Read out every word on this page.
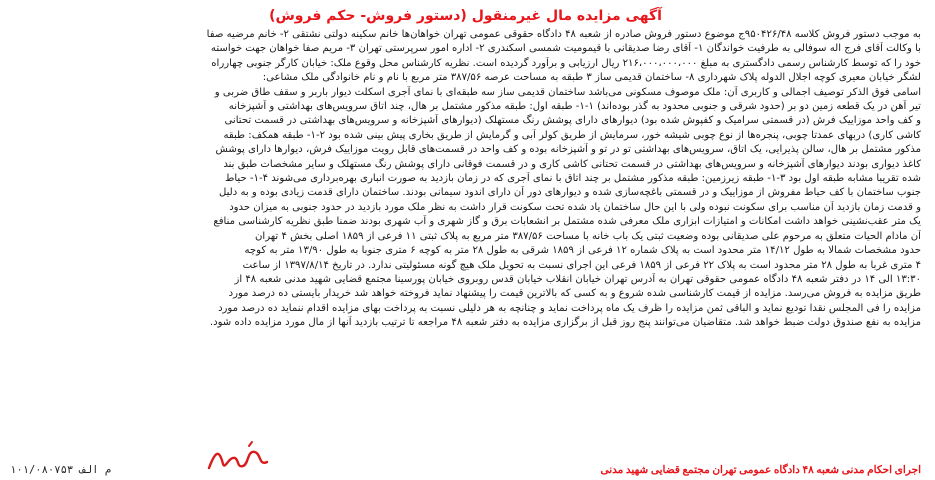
آگهی مزایده مال غیرمنقول (دستور فروش- حکم فروش)
به موجب دستور فروش کلاسه ۹۵۰۴۲۶/۴۸ج موضوع دستور فروش صادره از شعبه ۴۸ دادگاه حقوقی عمومی تهران خواهان‌ها خانم سکینه دولتی نشتقی ۲- خانم مرضیه صفا
با وکالت آقای فرج اله سوفالی به طرفیت خواندگان ۱- آقای رضا صدیقانی با قیمومیت شمسی اسکندری ۲- اداره امور سرپرستی تهران ۳- مریم صفا خواهان جهت خواسته
خود را که توسط کارشناس رسمی دادگستری به مبلغ ۲۱۶،۰۰۰،۰۰۰،۰۰۰ ریال ارزیابی و برآورد گردیده است. نظریه کارشناس محل وقوع ملک: خیابان کارگر جنوبی چهارراه
لشگر خیابان معیری کوچه اجلال الدوله پلاک شهرداری ۸- ساختمان قدیمی ساز ۳ طبقه به مساحت عرصه ۳۸۷/۵۶ متر مربع با نام و نام خانوادگی ملک مشاعی:
اسامی فوق الذکر توصیف اجمالی و کاربری آن: ملک موصوف مسکونی می‌باشد ساختمان قدیمی ساز سه طبقه‌ای با نمای آجری اسکلت دیوار باربر و سقف طاق ضربی و
تیر آهن در یک قطعه زمین دو بر (حدود شرقی و جنوبی محدود به گذر بوده‌اند) ۱-۱- طبقه اول: طبقه مذکور مشتمل بر هال، چند اتاق سرویس‌های بهداشتی و آشپزخانه
و کف واحد موزاییک فرش (در قسمتی سرامیک و کفپوش شده بود) دیوارهای دارای پوشش رنگ مستهلک (دیوارهای آشپزخانه و سرویس‌های بهداشتی در قسمت تحتانی
کاشی کاری) دربهای عمدتا چوبی، پنجره‌ها از نوع چوبی شیشه خور، سرمایش از طریق کولر آبی و گرمایش از طریق بخاری پیش بینی شده بود ۲-۱- طبقه همکف: طبقه
مذکور مشتمل بر هال، سالن پذیرایی، یک اتاق، سرویس‌های بهداشتی تو در تو و آشپزخانه بوده و کف واحد در قسمت‌های قابل رویت موزاییک فرش، دیوارها دارای پوشش
کاغذ دیواری بودند دیوارهای آشپزخانه و سرویس‌های بهداشتی در قسمت تحتانی کاشی کاری و در قسمت فوقانی دارای پوشش رنگ مستهلک و سایر مشخصات طبق بند
شده تقریبا مشابه طبقه اول بود ۳-۱- طبقه زیرزمین: طبقه مذکور مشتمل بر چند اتاق با نمای آجری که در زمان بازدید به صورت انباری بهره‌برداری می‌شوند ۴-۱- حیاط
جنوب ساختمان با کف حیاط مفروش از موزاییک و در قسمتی باغچه‌سازی شده و دیوارهای دور آن دارای اندود سیمانی بودند. ساختمان دارای قدمت زیادی بوده و به دلیل
و قدمت زمان بازدید آن مناسب برای سکونت نبوده ولی با این حال ساختمان یاد شده تحت سکونت قرار داشت به نظر ملک مورد بازدید در حدود جنوبی به میزان حدود
یک متر عقب‌نشینی خواهد داشت امکانات و امتیازات ابزاری ملک معرفی شده مشتمل بر انشعابات برق و گاز شهری و آب شهری بودند ضمنا طبق نظریه کارشناسی منافع
آن مادام الحیات متعلق به مرحوم علی صدیقانی بوده وضعیت ثبتی یک باب خانه با مساحت ۳۸۷/۵۶ متر مربع به پلاک ثبتی ۱۱ فرعی از ۱۸۵۹ اصلی بخش ۴ تهران
حدود مشخصات شمالا به طول ۱۴/۱۲ متر محدود است به پلاک شماره ۱۲ فرعی از ۱۸۵۹ شرقی به طول ۲۸ متر به کوچه ۶ متری جنوبا به طول ۱۳/۹۰ متر به کوچه
۴ متری غربا به طول ۲۸ متر محدود است به پلاک ۲۲ فرعی از ۱۸۵۹ فرعی این اجرای نسبت به تحویل ملک هیچ گونه مسئولیتی ندارد. در تاریخ ۱۳۹۷/۸/۱۴ از ساعت
۱۳:۳۰ الی ۱۴ در دفتر شعبه ۴۸ دادگاه عمومی حقوقی تهران به آدرس تهران خیابان انقلاب خیابان قدس روبروی خیابان پورسینا مجتمع قضایی شهید مدنی شعبه ۴۸ از
طریق مزایده به فروش می‌رسد. مزایده از قیمت کارشناسی شده شروع و به کسی که بالاترین قیمت را پیشنهاد نماید فروخته خواهد شد خریدار بایستی ده درصد مورد
مزایده را فی المجلس نقدا تودیع نماید و الباقی ثمن مزایده را ظرف یک ماه پرداخت نماید و چنانچه به هر دلیلی نسبت به پرداخت بهای مزایده اقدام ننماید ده درصد مورد
مزایده به نفع صندوق دولت ضبط خواهد شد. متقاضیان می‌توانند پنج روز قبل از برگزاری مزایده به دفتر شعبه ۴۸ مراجعه تا ترتیب بازدید آنها از مال مورد مزایده داده شود.
اجرای احکام مدنی شعبه ۴۸ دادگاه عمومی تهران مجتمع قضایی شهید مدنی
م الف ۱۰۱/۰۸۰۷۵۳
